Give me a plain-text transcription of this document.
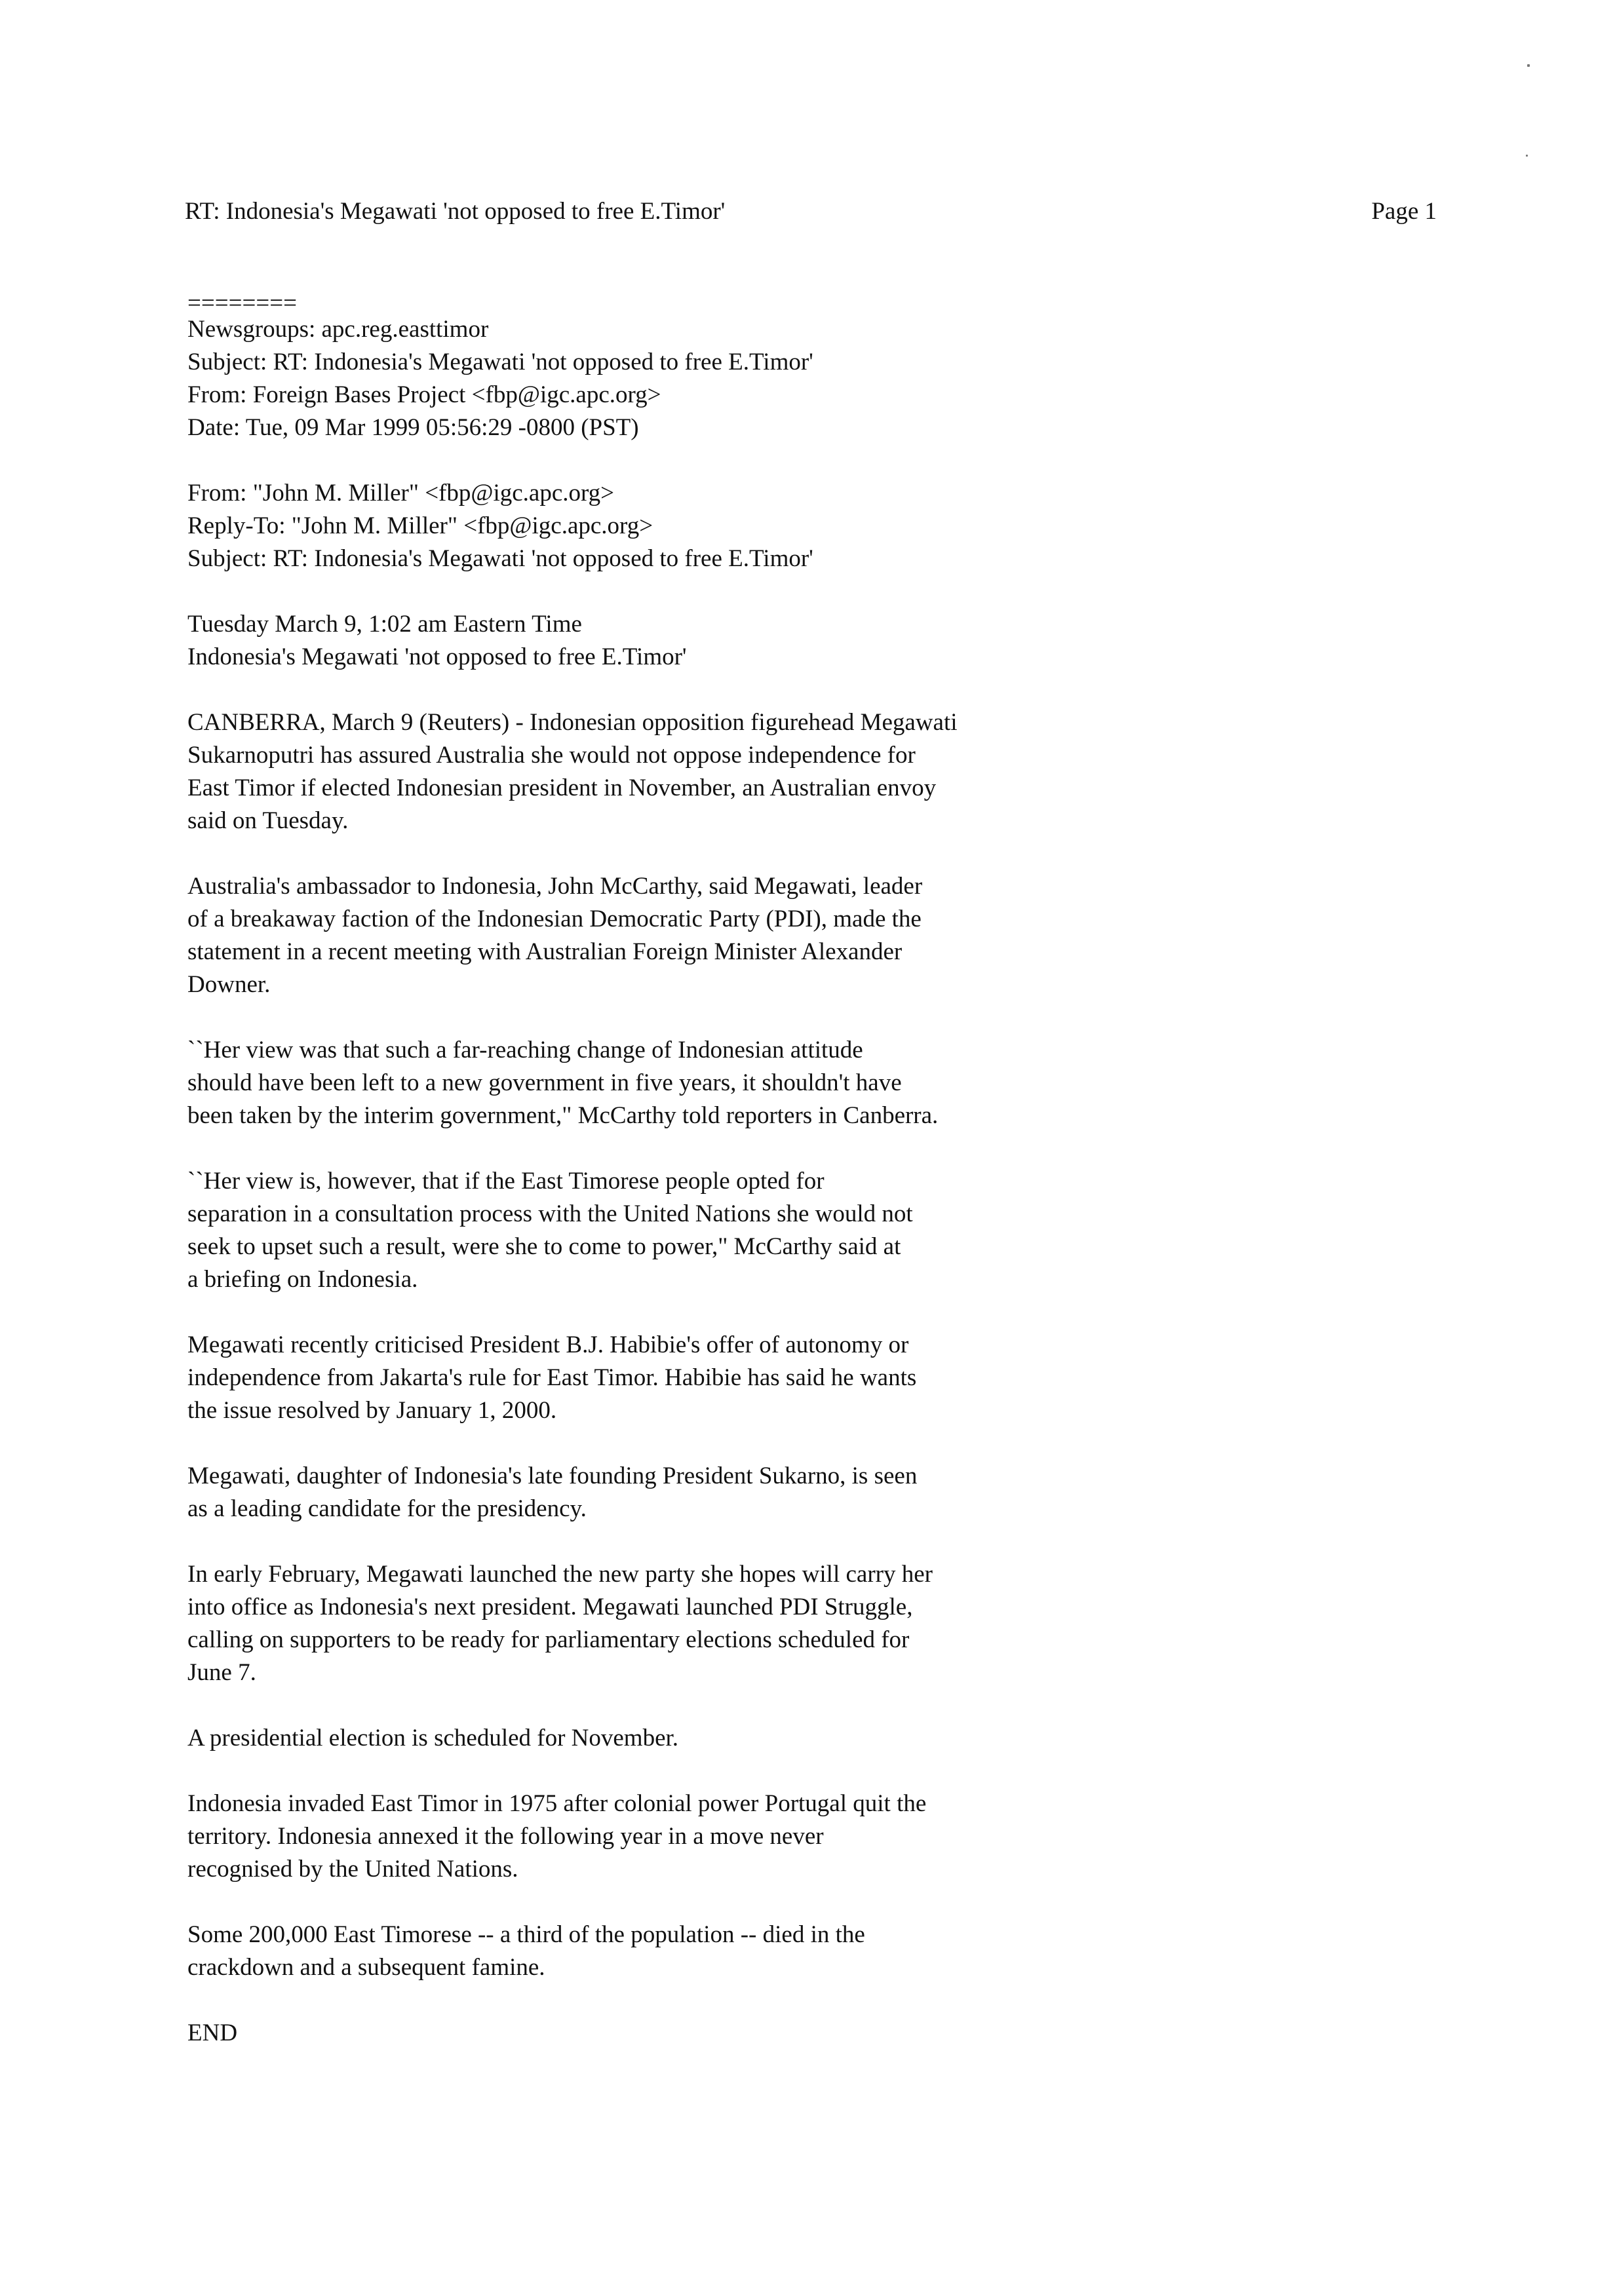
RT: Indonesia's Megawati 'not opposed to free E.Timor'	Page 1
========
Newsgroups: apc.reg.easttimor
Subject: RT: Indonesia's Megawati 'not opposed to free E.Timor'
From: Foreign Bases Project <fbp@igc.apc.org>
Date: Tue, 09 Mar 1999 05:56:29 -0800 (PST)
From: "John M. Miller" <fbp@igc.apc.org>
Reply-To: "John M. Miller" <fbp@igc.apc.org>
Subject: RT: Indonesia's Megawati 'not opposed to free E.Timor'
Tuesday March 9, 1:02 am Eastern Time
Indonesia's Megawati 'not opposed to free E.Timor'
CANBERRA, March 9 (Reuters) - Indonesian opposition figurehead Megawati
Sukarnoputri has assured Australia she would not oppose independence for
East Timor if elected Indonesian president in November, an Australian envoy
said on Tuesday.
Australia's ambassador to Indonesia, John McCarthy, said Megawati, leader
of a breakaway faction of the Indonesian Democratic Party (PDI), made the
statement in a recent meeting with Australian Foreign Minister Alexander
Downer.
``Her view was that such a far-reaching change of Indonesian attitude
should have been left to a new government in five years, it shouldn't have
been taken by the interim government," McCarthy told reporters in Canberra.
``Her view is, however, that if the East Timorese people opted for
separation in a consultation process with the United Nations she would not
seek to upset such a result, were she to come to power," McCarthy said at
a briefing on Indonesia.
Megawati recently criticised President B.J. Habibie's offer of autonomy or
independence from Jakarta's rule for East Timor. Habibie has said he wants
the issue resolved by January 1, 2000.
Megawati, daughter of Indonesia's late founding President Sukarno, is seen
as a leading candidate for the presidency.
In early February, Megawati launched the new party she hopes will carry her
into office as Indonesia's next president. Megawati launched PDI Struggle,
calling on supporters to be ready for parliamentary elections scheduled for
June 7.
A presidential election is scheduled for November.
Indonesia invaded East Timor in 1975 after colonial power Portugal quit the
territory. Indonesia annexed it the following year in a move never
recognised by the United Nations.
Some 200,000 East Timorese -- a third of the population -- died in the
crackdown and a subsequent famine.
END
